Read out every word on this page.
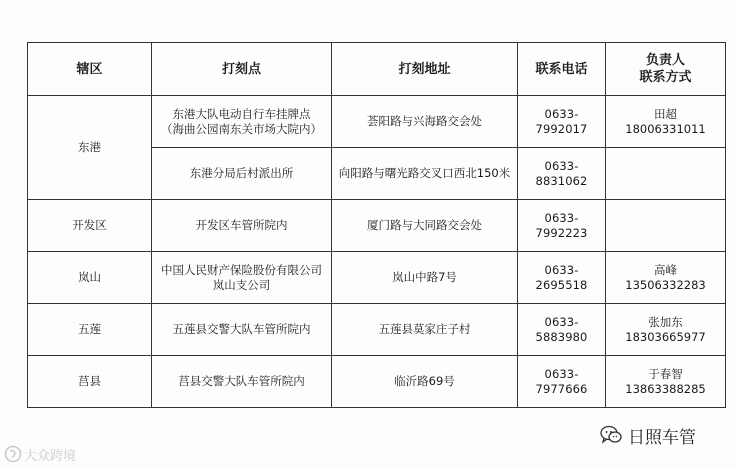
辖区	打刻点	打刻地址	联系电话	负责人
联系方式
东港	东港大队电动自行车挂牌点
（海曲公园南东关市场大院内）	荟阳路与兴海路交会处	0633-7992017	田超
18006331011
	东港分局后村派出所	向阳路与曙光路交叉口西北150米	0633-8831062	
开发区	开发区车管所院内	厦门路与大同路交会处	0633-7992223	
岚山	中国人民财产保险股份有限公司
岚山支公司	岚山中路7号	0633-2695518	高峰
13506332283
五莲	五莲县交警大队车管所院内	五莲县莫家庄子村	0633-5883980	张加东
18303665977
莒县	莒县交警大队车管所院内	临沂路69号	0633-7977666	于春智
13863388285
日照车管
大众跨境
